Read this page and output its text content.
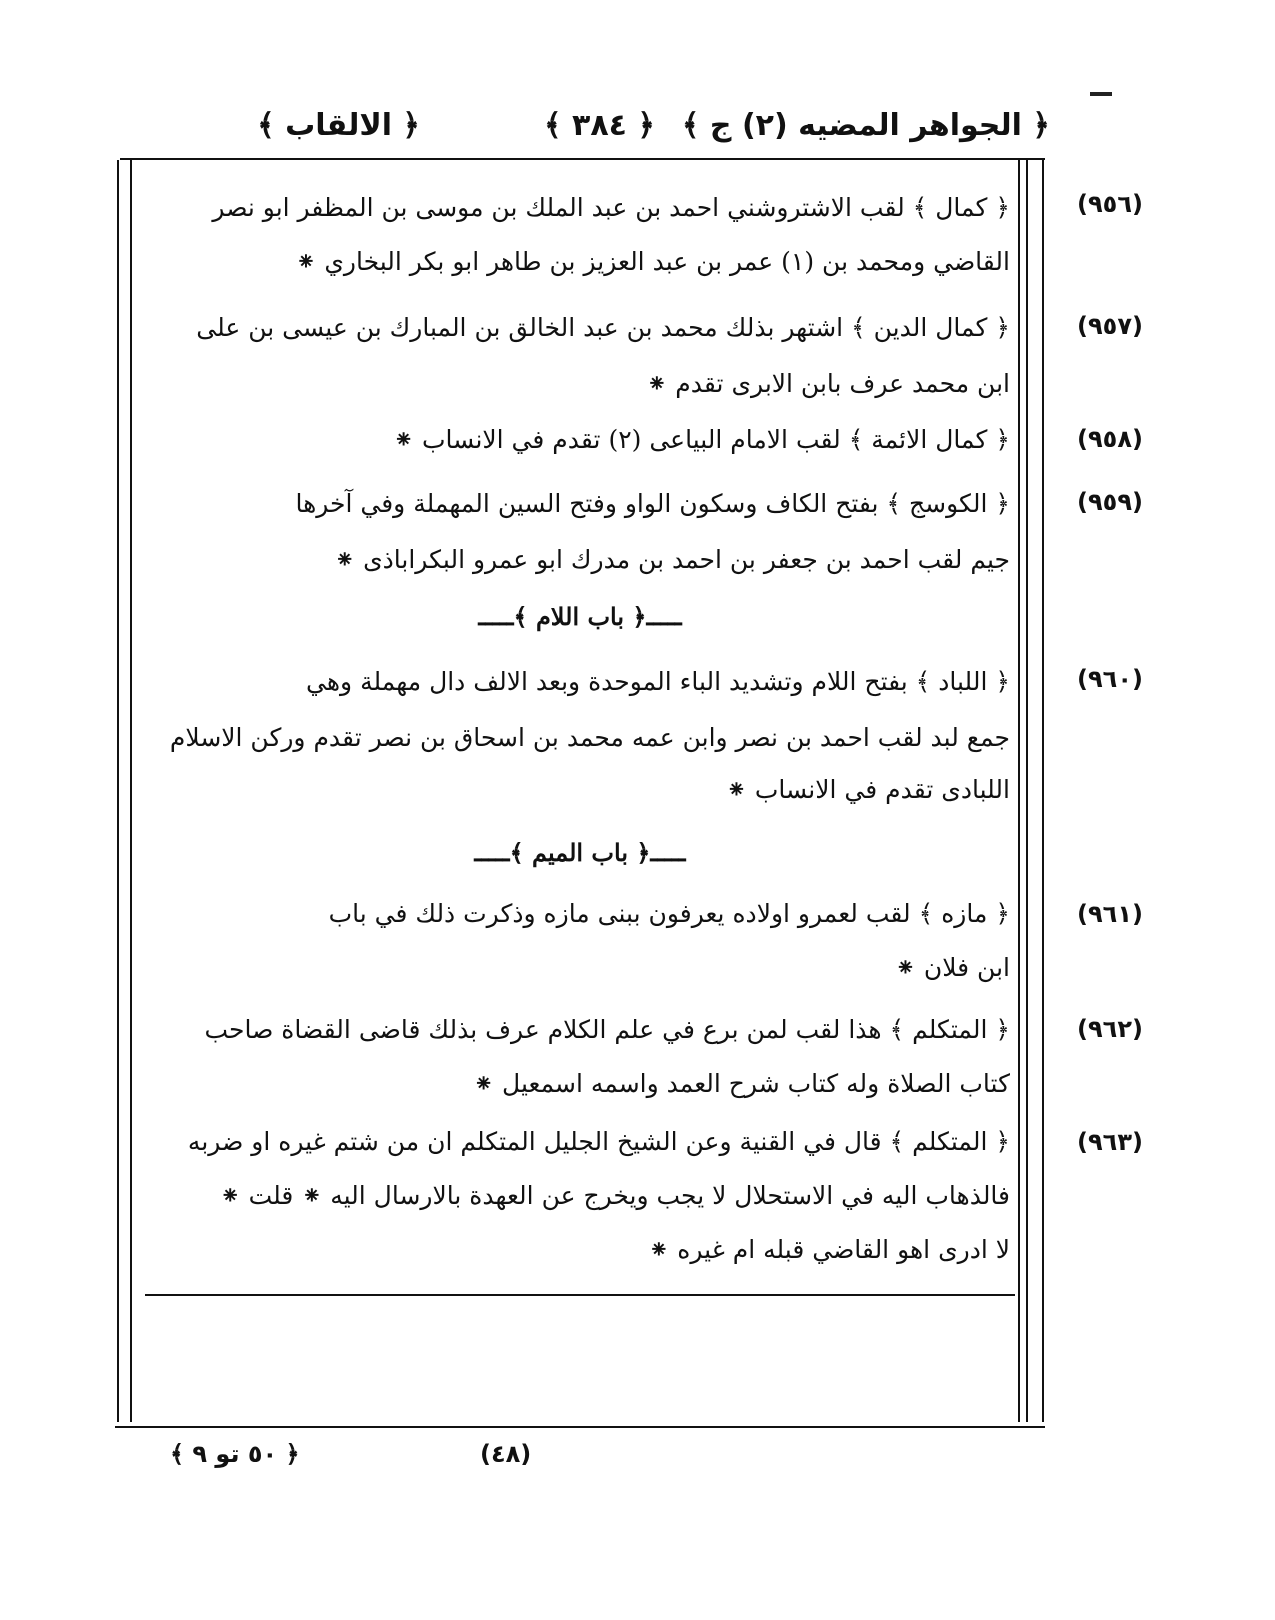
﴿ الجواهر المضيه (٢) ج ﴾
﴿ ٣٨٤ ﴾
﴿ الالقاب ﴾
(٩٥٦)
﴿ كمال ﴾ لقب الاشتروشني احمد بن عبد الملك بن موسى بن المظفر ابو نصر
القاضي ومحمد بن (١) عمر بن عبد العزيز بن طاهر ابو بكر البخاري ⁕
(٩٥٧)
﴿ كمال الدين ﴾ اشتهر بذلك محمد بن عبد الخالق بن المبارك بن عيسى بن على
ابن محمد عرف بابن الابرى تقدم ⁕
(٩٥٨)
﴿ كمال الائمة ﴾ لقب الامام البياعى (٢) تقدم في الانساب ⁕
(٩٥٩)
﴿ الكوسج ﴾ بفتح الكاف وسكون الواو وفتح السين المهملة وفي آخرها
جيم لقب احمد بن جعفر بن احمد بن مدرك ابو عمرو البكراباذى ⁕
ـــــ﴿ باب اللام ﴾ـــــ
(٩٦٠)
﴿ اللباد ﴾ بفتح اللام وتشديد الباء الموحدة وبعد الالف دال مهملة وهي
جمع لبد لقب احمد بن نصر وابن عمه محمد بن اسحاق بن نصر تقدم وركن الاسلام
اللبادى تقدم في الانساب ⁕
ـــــ﴿ باب الميم ﴾ـــــ
(٩٦١)
﴿ مازه ﴾ لقب لعمرو اولاده يعرفون ببنى مازه وذكرت ذلك في باب
ابن فلان ⁕
(٩٦٢)
﴿ المتكلم ﴾ هذا لقب لمن برع في علم الكلام عرف بذلك قاضى القضاة صاحب
كتاب الصلاة وله كتاب شرح العمد واسمه اسمعيل ⁕
(٩٦٣)
﴿ المتكلم ﴾ قال في القنية وعن الشيخ الجليل المتكلم ان من شتم غيره او ضربه
فالذهاب اليه في الاستحلال لا يجب ويخرج عن العهدة بالارسال اليه ⁕ قلت ⁕
لا ادرى اهو القاضي قبله ام غيره ⁕
(٤٨)
﴿ ٥٠ تو ٩ ﴾
